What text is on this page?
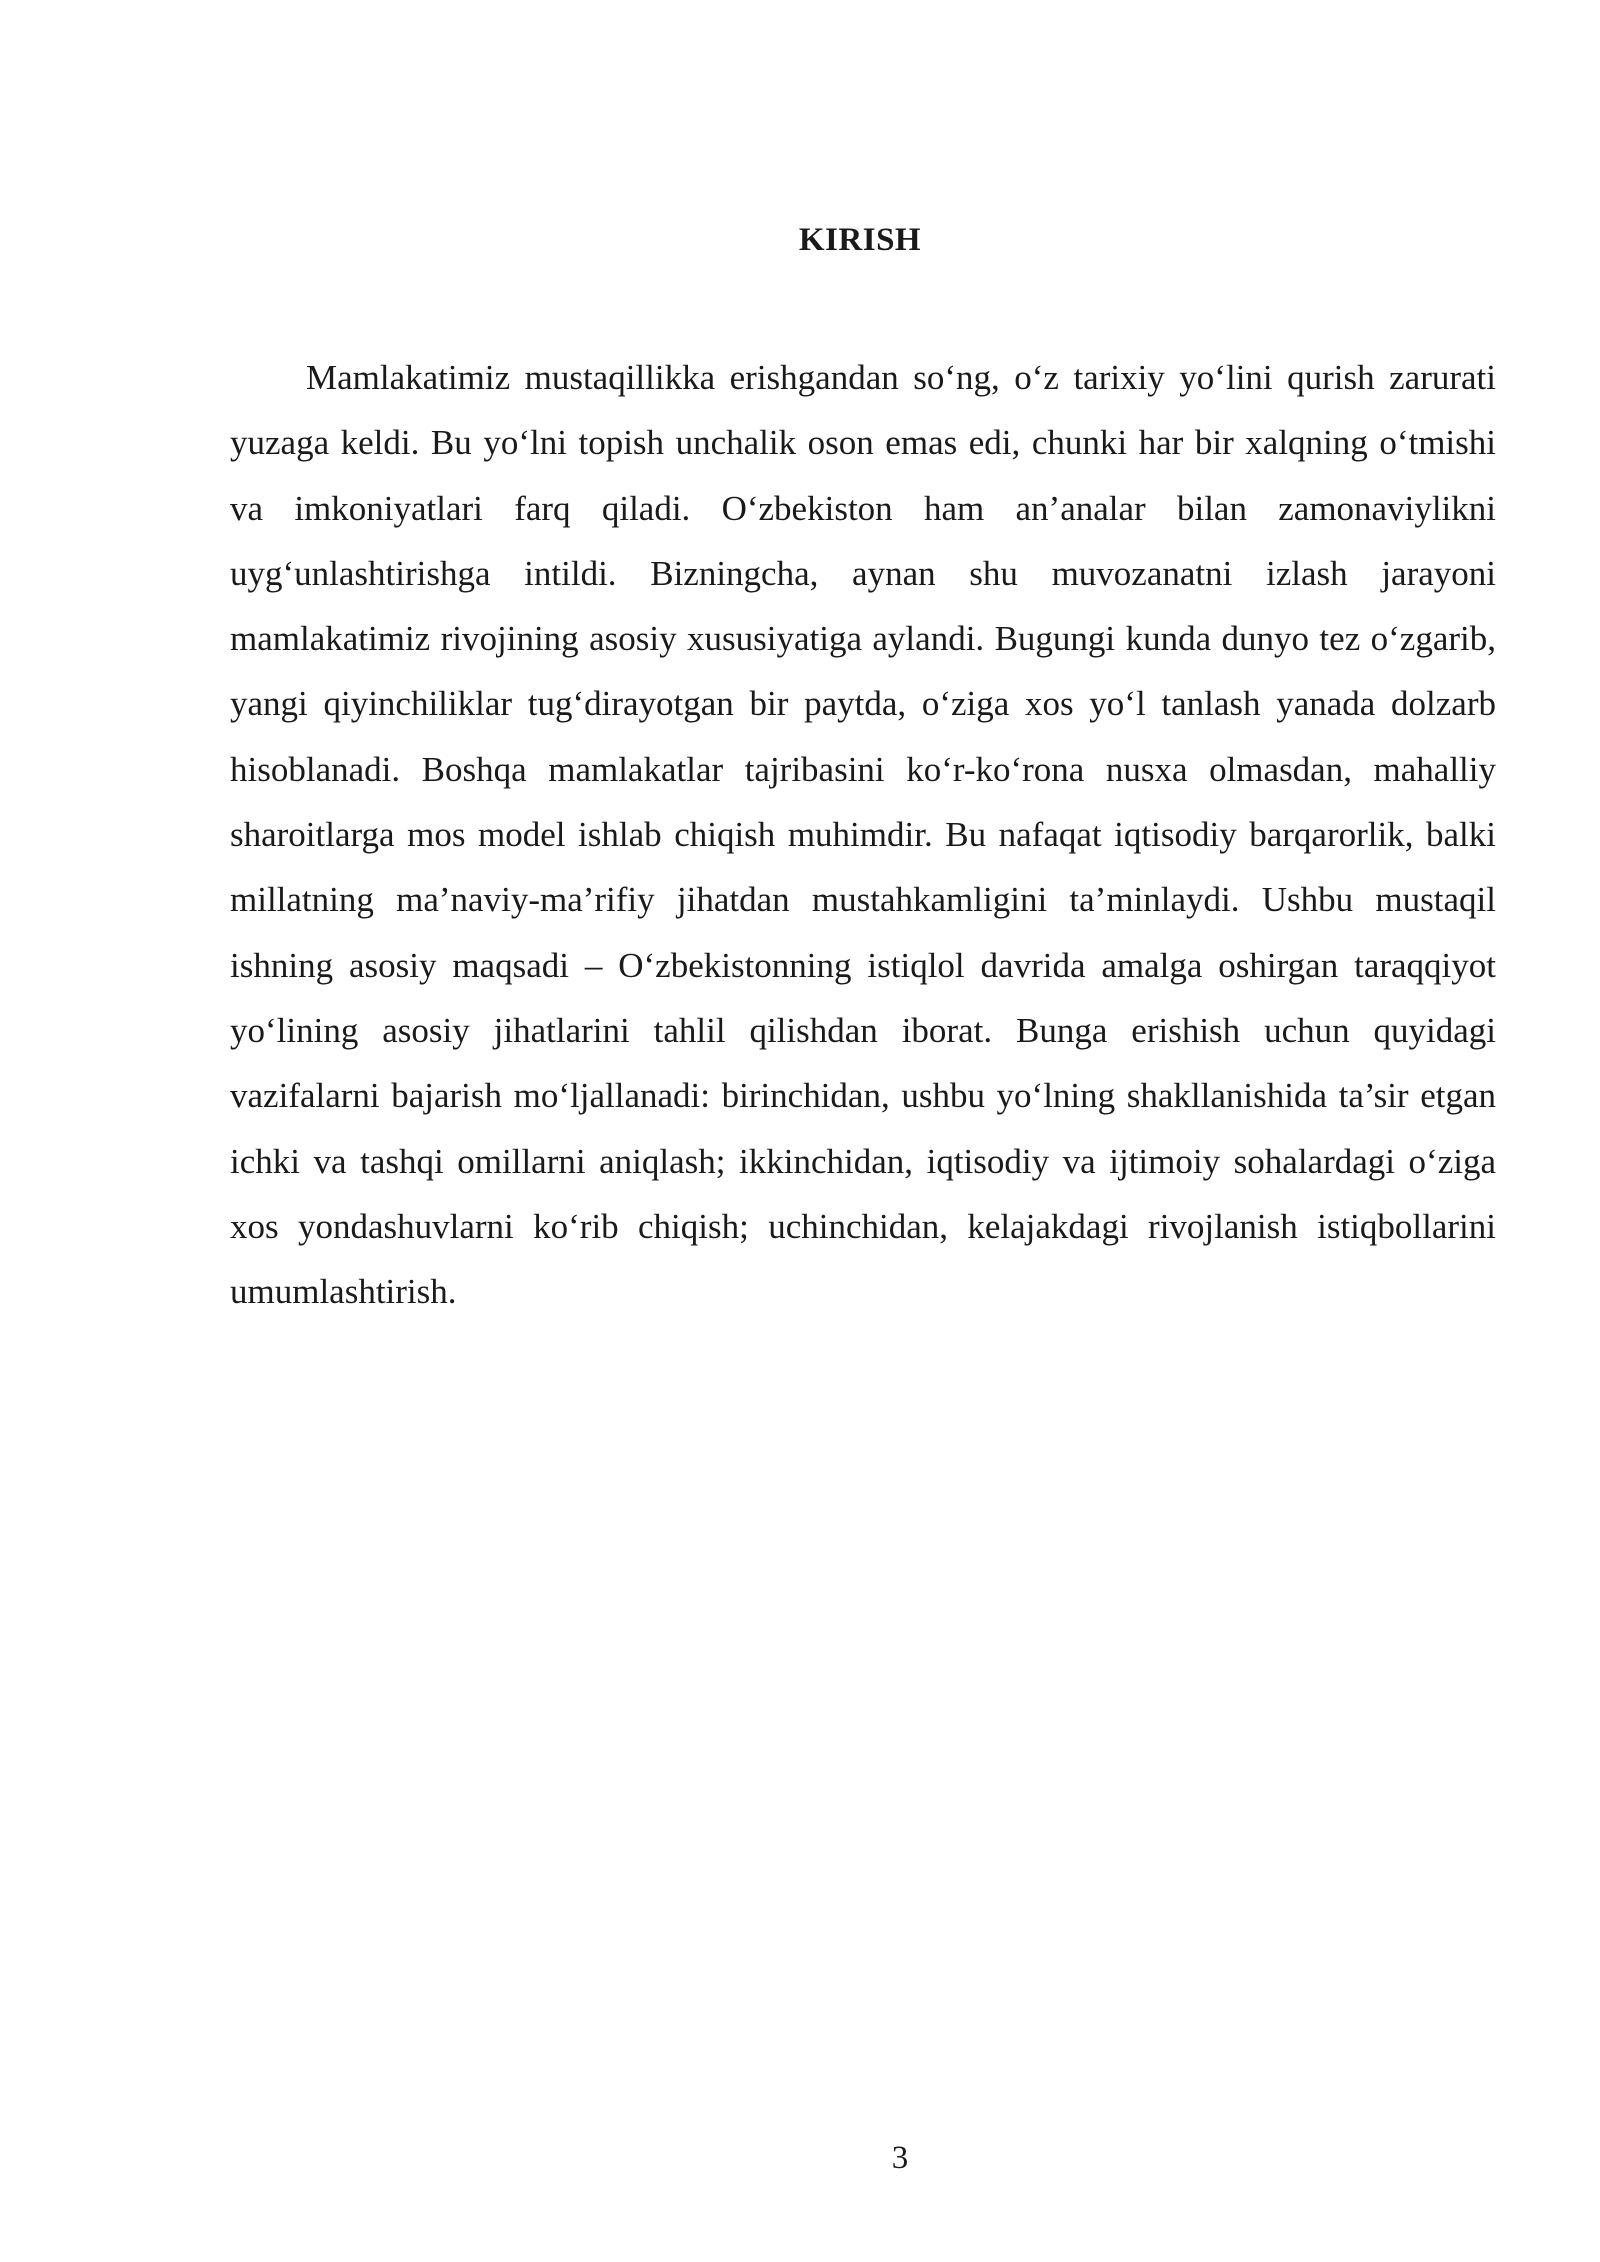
KIRISH

Mamlakatimiz mustaqillikka erishgandan so‘ng, o‘z tarixiy yo‘lini qurish zarurati yuzaga keldi. Bu yo‘lni topish unchalik oson emas edi, chunki har bir xalqning o‘tmishi va imkoniyatlari farq qiladi. O‘zbekiston ham an’analar bilan zamonaviylikni uyg‘unlashtirishga intildi. Bizningcha, aynan shu muvozanatni izlash jarayoni mamlakatimiz rivojining asosiy xususiyatiga aylandi. Bugungi kunda dunyo tez o‘zgarib, yangi qiyinchiliklar tug‘dirayotgan bir paytda, o‘ziga xos yo‘l tanlash yanada dolzarb hisoblanadi. Boshqa mamlakatlar tajribasini ko‘r-ko‘rona nusxa olmasdan, mahalliy sharoitlarga mos model ishlab chiqish muhimdir. Bu nafaqat iqtisodiy barqarorlik, balki millatning ma’naviy-ma’rifiy jihatdan mustahkamligini ta’minlaydi. Ushbu mustaqil ishning asosiy maqsadi – O‘zbekistonning istiqlol davrida amalga oshirgan taraqqiyot yo‘lining asosiy jihatlarini tahlil qilishdan iborat. Bunga erishish uchun quyidagi vazifalarni bajarish mo‘ljallanadi: birinchidan, ushbu yo‘lning shakllanishida ta’sir etgan ichki va tashqi omillarni aniqlash; ikkinchidan, iqtisodiy va ijtimoiy sohalardagi o‘ziga xos yondashuvlarni ko‘rib chiqish; uchinchidan, kelajakdagi rivojlanish istiqbollarini umumlashtirish.

3
